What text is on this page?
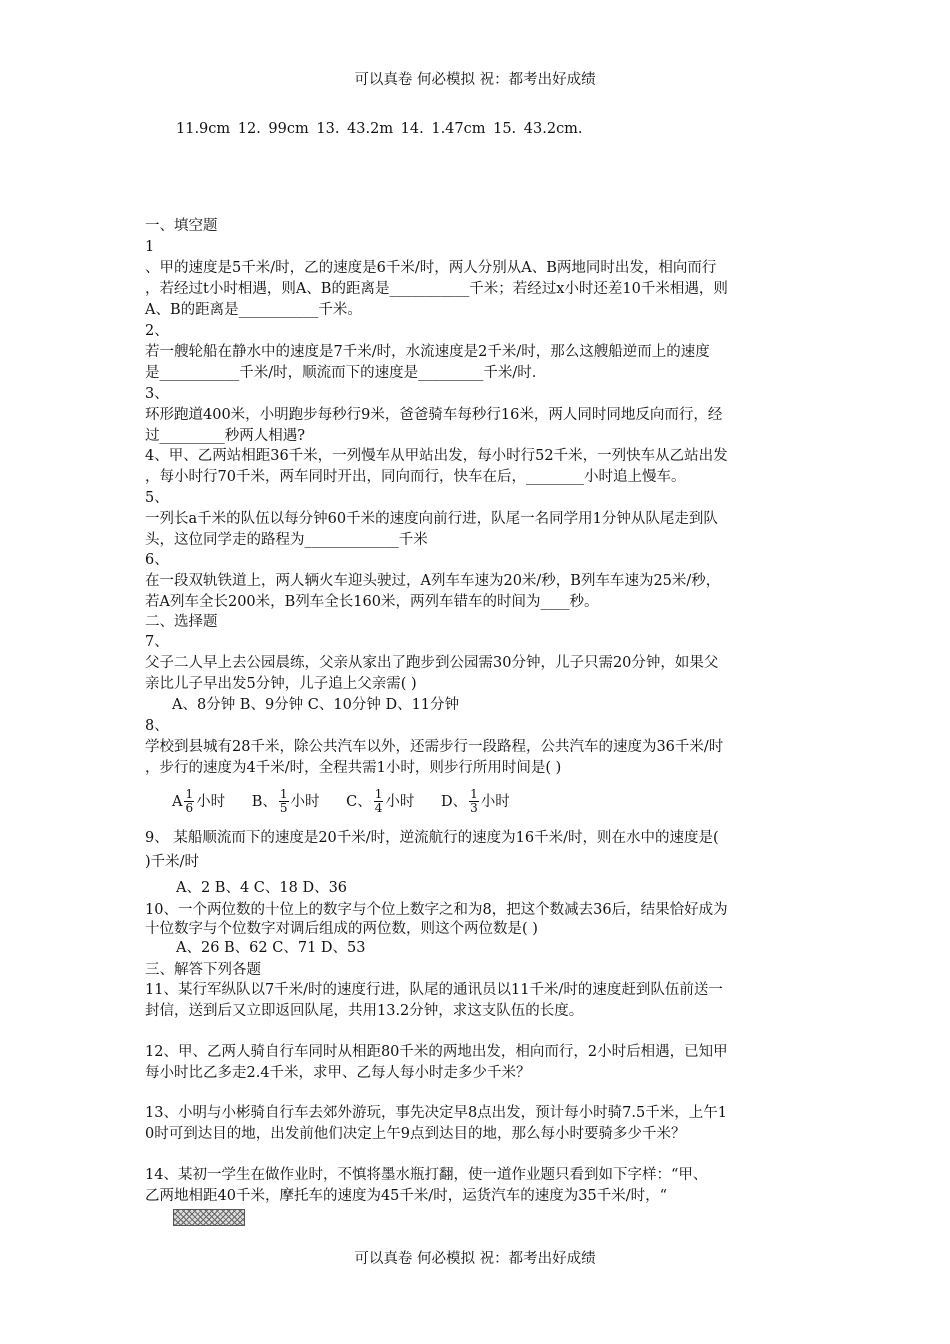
可以真卷 何必模拟 祝：都考出好成绩
11.9cm 12. 99cm 13. 43.2m 14. 1.47cm 15. 43.2cm.
一、填空题
1
、甲的速度是5千米/时，乙的速度是6千米/时，两人分别从A、B两地同时出发，相向而行
，若经过t小时相遇，则A、B的距离是___________千米；若经过x小时还差10千米相遇，则
A、B的距离是___________千米。
2、
若一艘轮船在静水中的速度是7千米/时，水流速度是2千米/时，那么这艘船逆而上的速度
是___________千米/时，顺流而下的速度是_________千米/时.
3、
环形跑道400米，小明跑步每秒行9米，爸爸骑车每秒行16米，两人同时同地反向而行，经
过_________秒两人相遇?
4、甲、乙两站相距36千米，一列慢车从甲站出发，每小时行52千米，一列快车从乙站出发
，每小时行70千米，两车同时开出，同向而行，快车在后，________小时追上慢车。
5、
一列长a千米的队伍以每分钟60千米的速度向前行进，队尾一名同学用1分钟从队尾走到队
头，这位同学走的路程为_____________千米
6、
在一段双轨铁道上，两人辆火车迎头驶过，A列车车速为20米/秒，B列车车速为25米/秒，
若A列车全长200米，B列车全长160米，两列车错车的时间为____秒。
二、选择题
7、
父子二人早上去公园晨练，父亲从家出了跑步到公园需30分钟，儿子只需20分钟，如果父
亲比儿子早出发5分钟，儿子追上父亲需( )
A、8分钟 B、9分钟 C、10分钟 D、11分钟
8、
学校到县城有28千米，除公共汽车以外，还需步行一段路程，公共汽车的速度为36千米/时
，步行的速度为4千米/时，全程共需1小时，则步行所用时间是( )
A $\frac{1}{6}$ 小时 B、 $\frac{1}{5}$ 小时 C、 $\frac{1}{4}$ 小时 D、 $\frac{1}{3}$ 小时
9、 某船顺流而下的速度是20千米/时，逆流航行的速度为16千米/时，则在水中的速度是(
)千米/时
A、2 B、4 C、18 D、36
10、一个两位数的十位上的数字与个位上数字之和为8，把这个数减去36后，结果恰好成为
十位数字与个位数字对调后组成的两位数，则这个两位数是( )
A、26 B、62 C、71 D、53
三、解答下列各题
11、某行军纵队以7千米/时的速度行进，队尾的通讯员以11千米/时的速度赶到队伍前送一
封信，送到后又立即返回队尾，共用13.2分钟，求这支队伍的长度。
12、甲、乙两人骑自行车同时从相距80千米的两地出发，相向而行，2小时后相遇，已知甲
每小时比乙多走2.4千米，求甲、乙每人每小时走多少千米？
13、小明与小彬骑自行车去郊外游玩，事先决定早8点出发，预计每小时骑7.5千米，上午1
0时可到达目的地，出发前他们决定上午9点到达目的地，那么每小时要骑多少千米？
14、某初一学生在做作业时，不慎将墨水瓶打翻，使一道作业题只看到如下字样：“甲、
乙两地相距40千米，摩托车的速度为45千米/时，运货汽车的速度为35千米/时，“
可以真卷 何必模拟 祝：都考出好成绩
